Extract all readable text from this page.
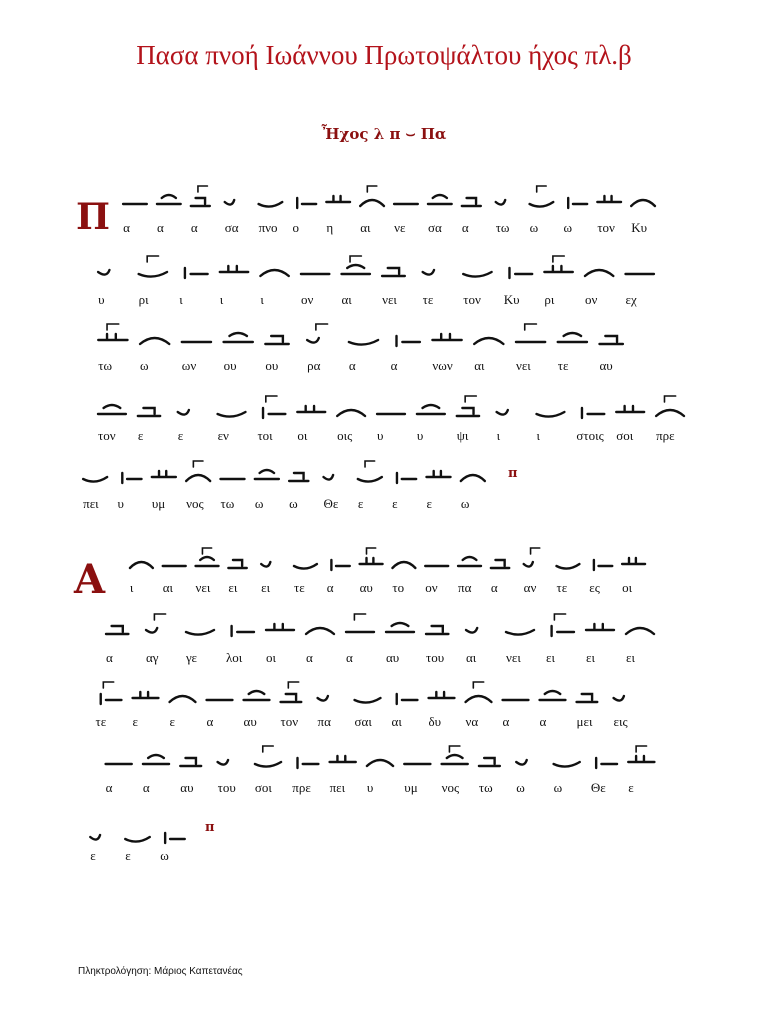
Πασα πνοή Ιωάννου Πρωτοψάλτου ήχος πλ.β
Ἦχος λ π ⌣ Πα
Π α α α σα πνο ο η αι νε σα α τω ω ω τον Κυ
υ	ρι ι	ι	ι	ον αι νει τε τον Κυ ρι ον εχ
τω ω	ων ου ου ρα α	α	νων αι νει τε αυ
τον ε	ε	εν τοι οι οις υ	υ	ψι ι	ι	στοις σοι πρε
πει υ υμ νος τω ω ω Θε ε ε ε ω
ι αι νει ει ει τε α αυ το ον πα α αν τε ες οι
α	αγ γε λοι οι α	α	αυ του αι νει ει ει ει
τε ε ε α αυ τον πα σαι αι δυ να α α μει εις
α α αυ του σοι πρε πει υ υμ νος τω ω ω Θε ε
ε ε ω
π
Α
π
Πληκτρολόγηση: Μάριος Καπετανέας
